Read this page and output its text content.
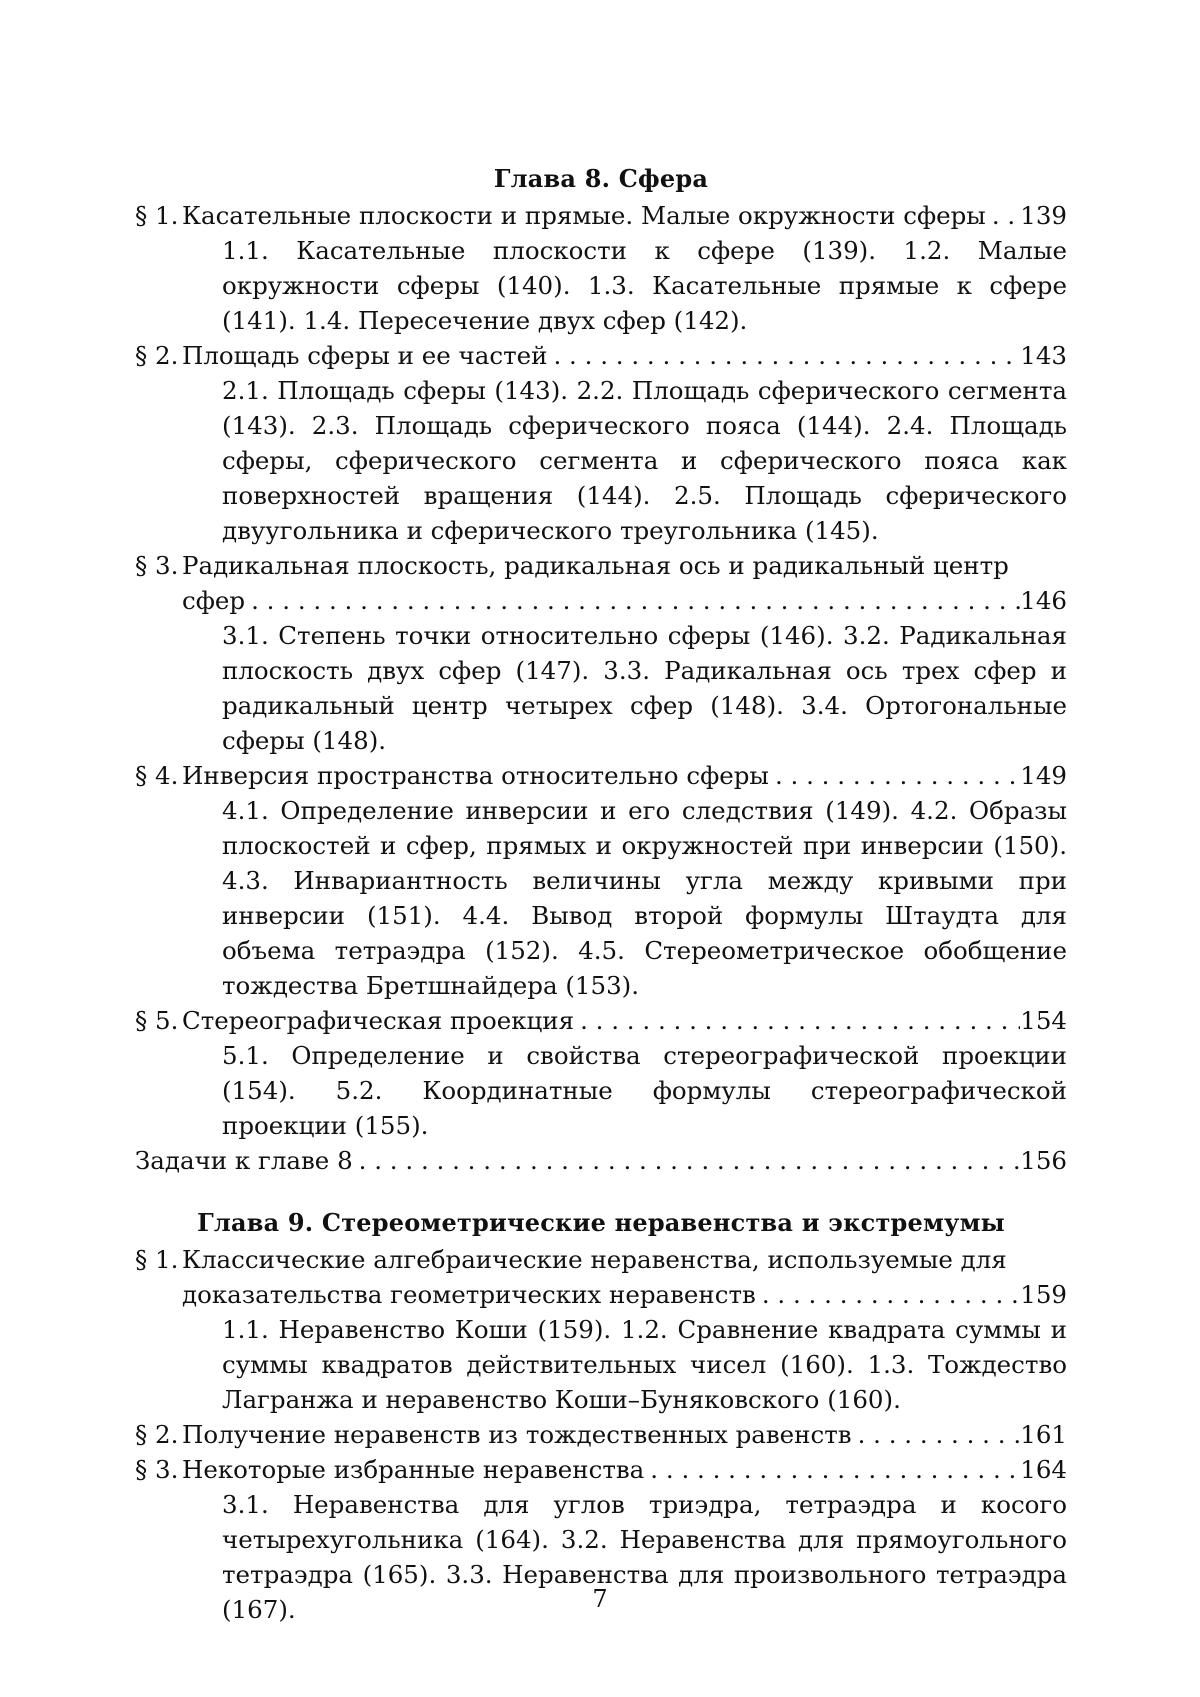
Глава 8. Сфера
§ 1. Касательные плоскости и прямые. Малые окружности сферы
. . . 139
1.1. Касательные плоскости к сфере (139). 1.2. Малые окружности сферы (140). 1.3. Касательные прямые к сфере (141). 1.4. Пересечение двух сфер (142).
§ 2. Площадь сферы и ее частей
. . .	143
2.1. Площадь сферы (143). 2.2. Площадь сферического сегмента (143). 2.3. Площадь сферического пояса (144). 2.4. Площадь сферы, сферического сегмента и сферического пояса как поверхностей вращения (144). 2.5. Площадь сферического двуугольника и сферического треугольника (145).
§ 3. Радикальная плоскость, радикальная ось и радикальный центр
сфер
. . .	146
3.1. Степень точки относительно сферы (146). 3.2. Радикальная плоскость двух сфер (147). 3.3. Радикальная ось трех сфер и радикальный центр четырех сфер (148). 3.4. Ортогональные сферы (148).
§ 4. Инверсия пространства относительно сферы
. . .	149
4.1. Определение инверсии и его следствия (149). 4.2. Образы плоскостей и сфер, прямых и окружностей при инверсии (150). 4.3. Инвариантность величины угла между кривыми при инверсии (151). 4.4. Вывод второй формулы Штаудта для объема тетраэдра (152). 4.5. Стереометрическое обобщение тождества Бретшнайдера (153).
§ 5. Стереографическая проекция
. . .	154
5.1. Определение и свойства стереографической проекции (154). 5.2. Координатные формулы стереографической проекции (155).
Задачи к главе 8
. . .	156
Глава 9. Стереометрические неравенства и экстремумы
§ 1. Классические алгебраические неравенства, используемые для
доказательства геометрических неравенств
. . .	159
1.1. Неравенство Коши (159). 1.2. Сравнение квадрата суммы и суммы квадратов действительных чисел (160). 1.3. Тождество Лагранжа и неравенство Коши–Буняковского (160).
§ 2. Получение неравенств из тождественных равенств
. . .	161
§ 3. Некоторые избранные неравенства
. . .	164
3.1. Неравенства для углов триэдра, тетраэдра и косого четырехугольника (164). 3.2. Неравенства для прямоугольного тетраэдра (165). 3.3. Неравенства для произвольного тетраэдра (167).	7
